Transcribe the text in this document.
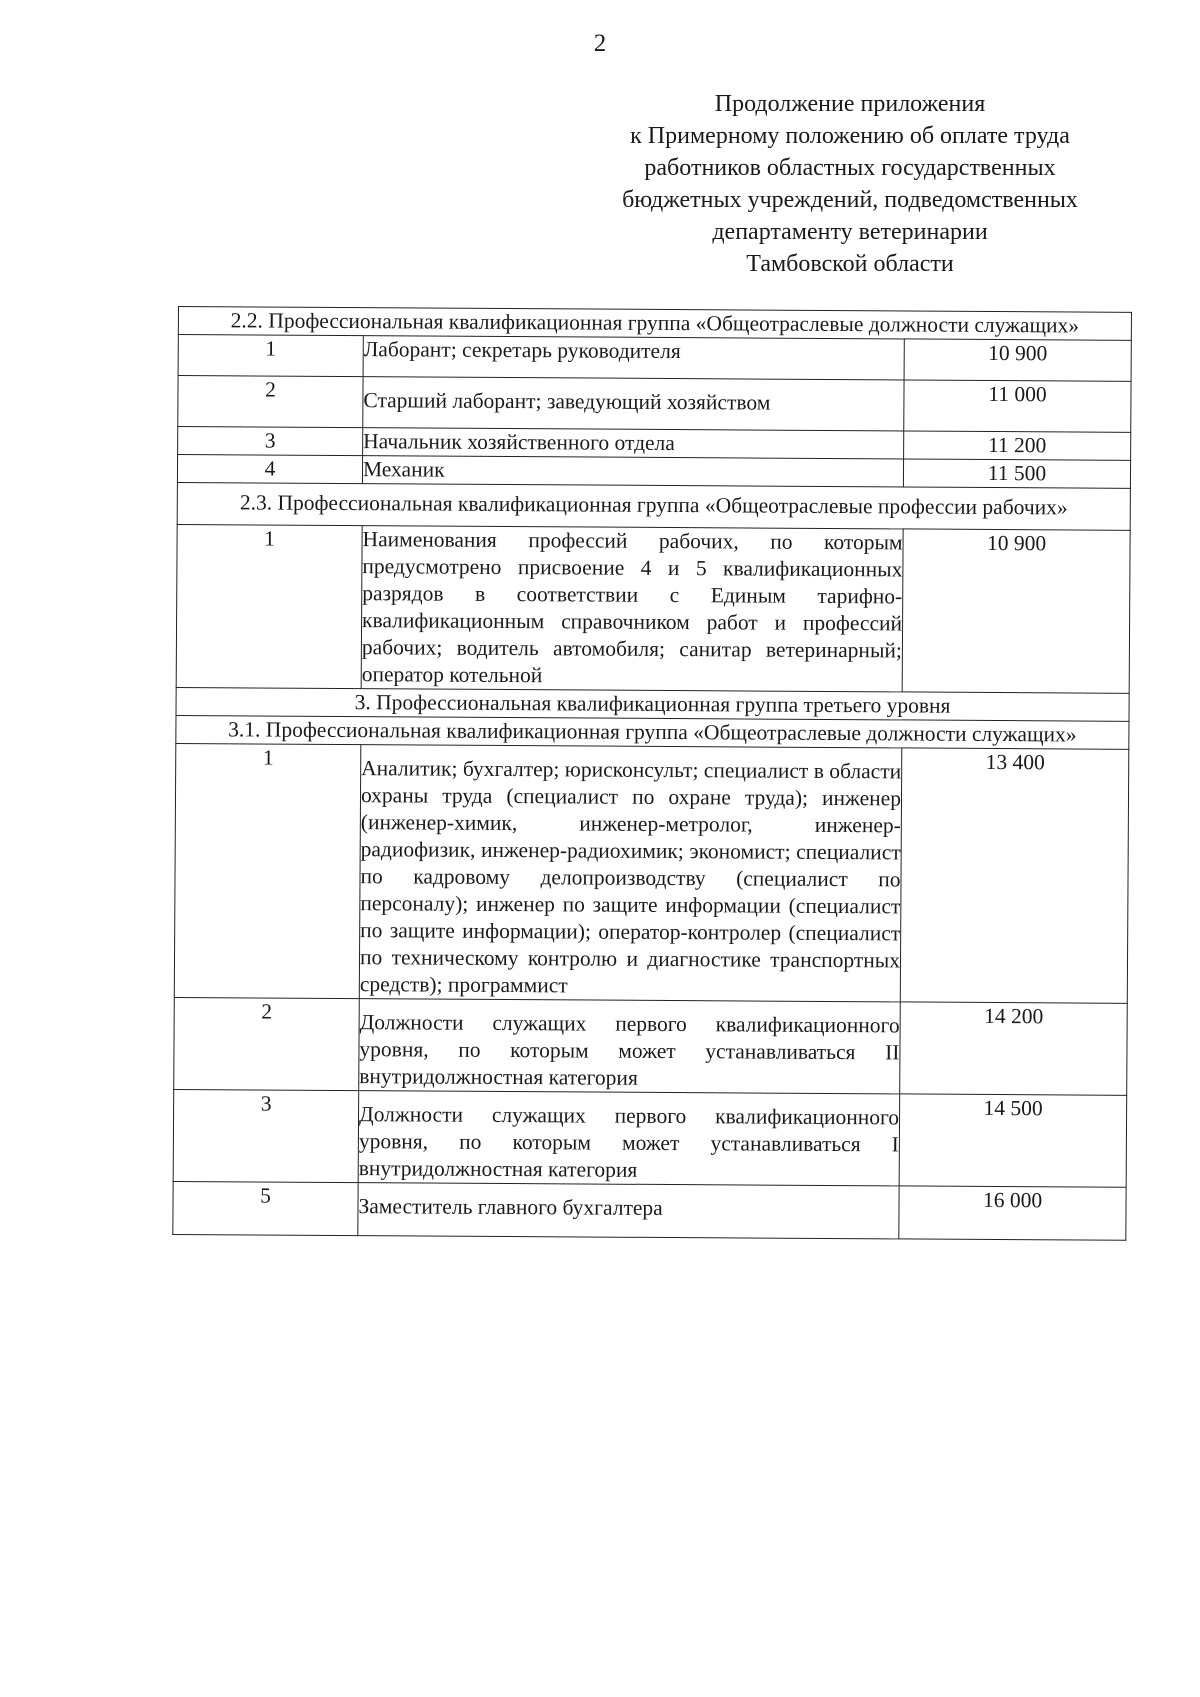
2
Продолжение приложения
к Примерному положению об оплате труда
работников областных государственных
бюджетных учреждений, подведомственных
департаменту ветеринарии
Тамбовской области
2.2. Профессиональная квалификационная группа «Общеотраслевые должности служащих»		
1	Лаборант; секретарь руководителя	10 900
2	Старший лаборант; заведующий хозяйством	11 000
3	Начальник хозяйственного отдела	11 200
4	Механик	11 500
2.3. Профессиональная квалификационная группа «Общеотраслевые профессии рабочих»		
1	Наименования профессий рабочих, по которым предусмотрено присвоение 4 и 5 квалификационных разрядов в соответствии с Единым тарифно-квалификационным справочником работ и профессий рабочих; водитель автомобиля; санитар ветеринарный; оператор котельной	10 900
3. Профессиональная квалификационная группа третьего уровня		
3.1. Профессиональная квалификационная группа «Общеотраслевые должности служащих»		
1	Аналитик; бухгалтер; юрисконсульт; специалист в области охраны труда (специалист по охране труда); инженер (инженер-химик, инженер-метролог, инженер-радиофизик, инженер-радиохимик; экономист; специалист по кадровому делопроизводству (специалист по персоналу); инженер по защите информации (специалист по защите информации); оператор-контролер (специалист по техническому контролю и диагностике транспортных средств); программист	13 400
2	Должности служащих первого квалификационного уровня, по которым может устанавливаться II внутридолжностная категория	14 200
3	Должности служащих первого квалификационного уровня, по которым может устанавливаться I внутридолжностная категория	14 500
5	Заместитель главного бухгалтера	16 000
